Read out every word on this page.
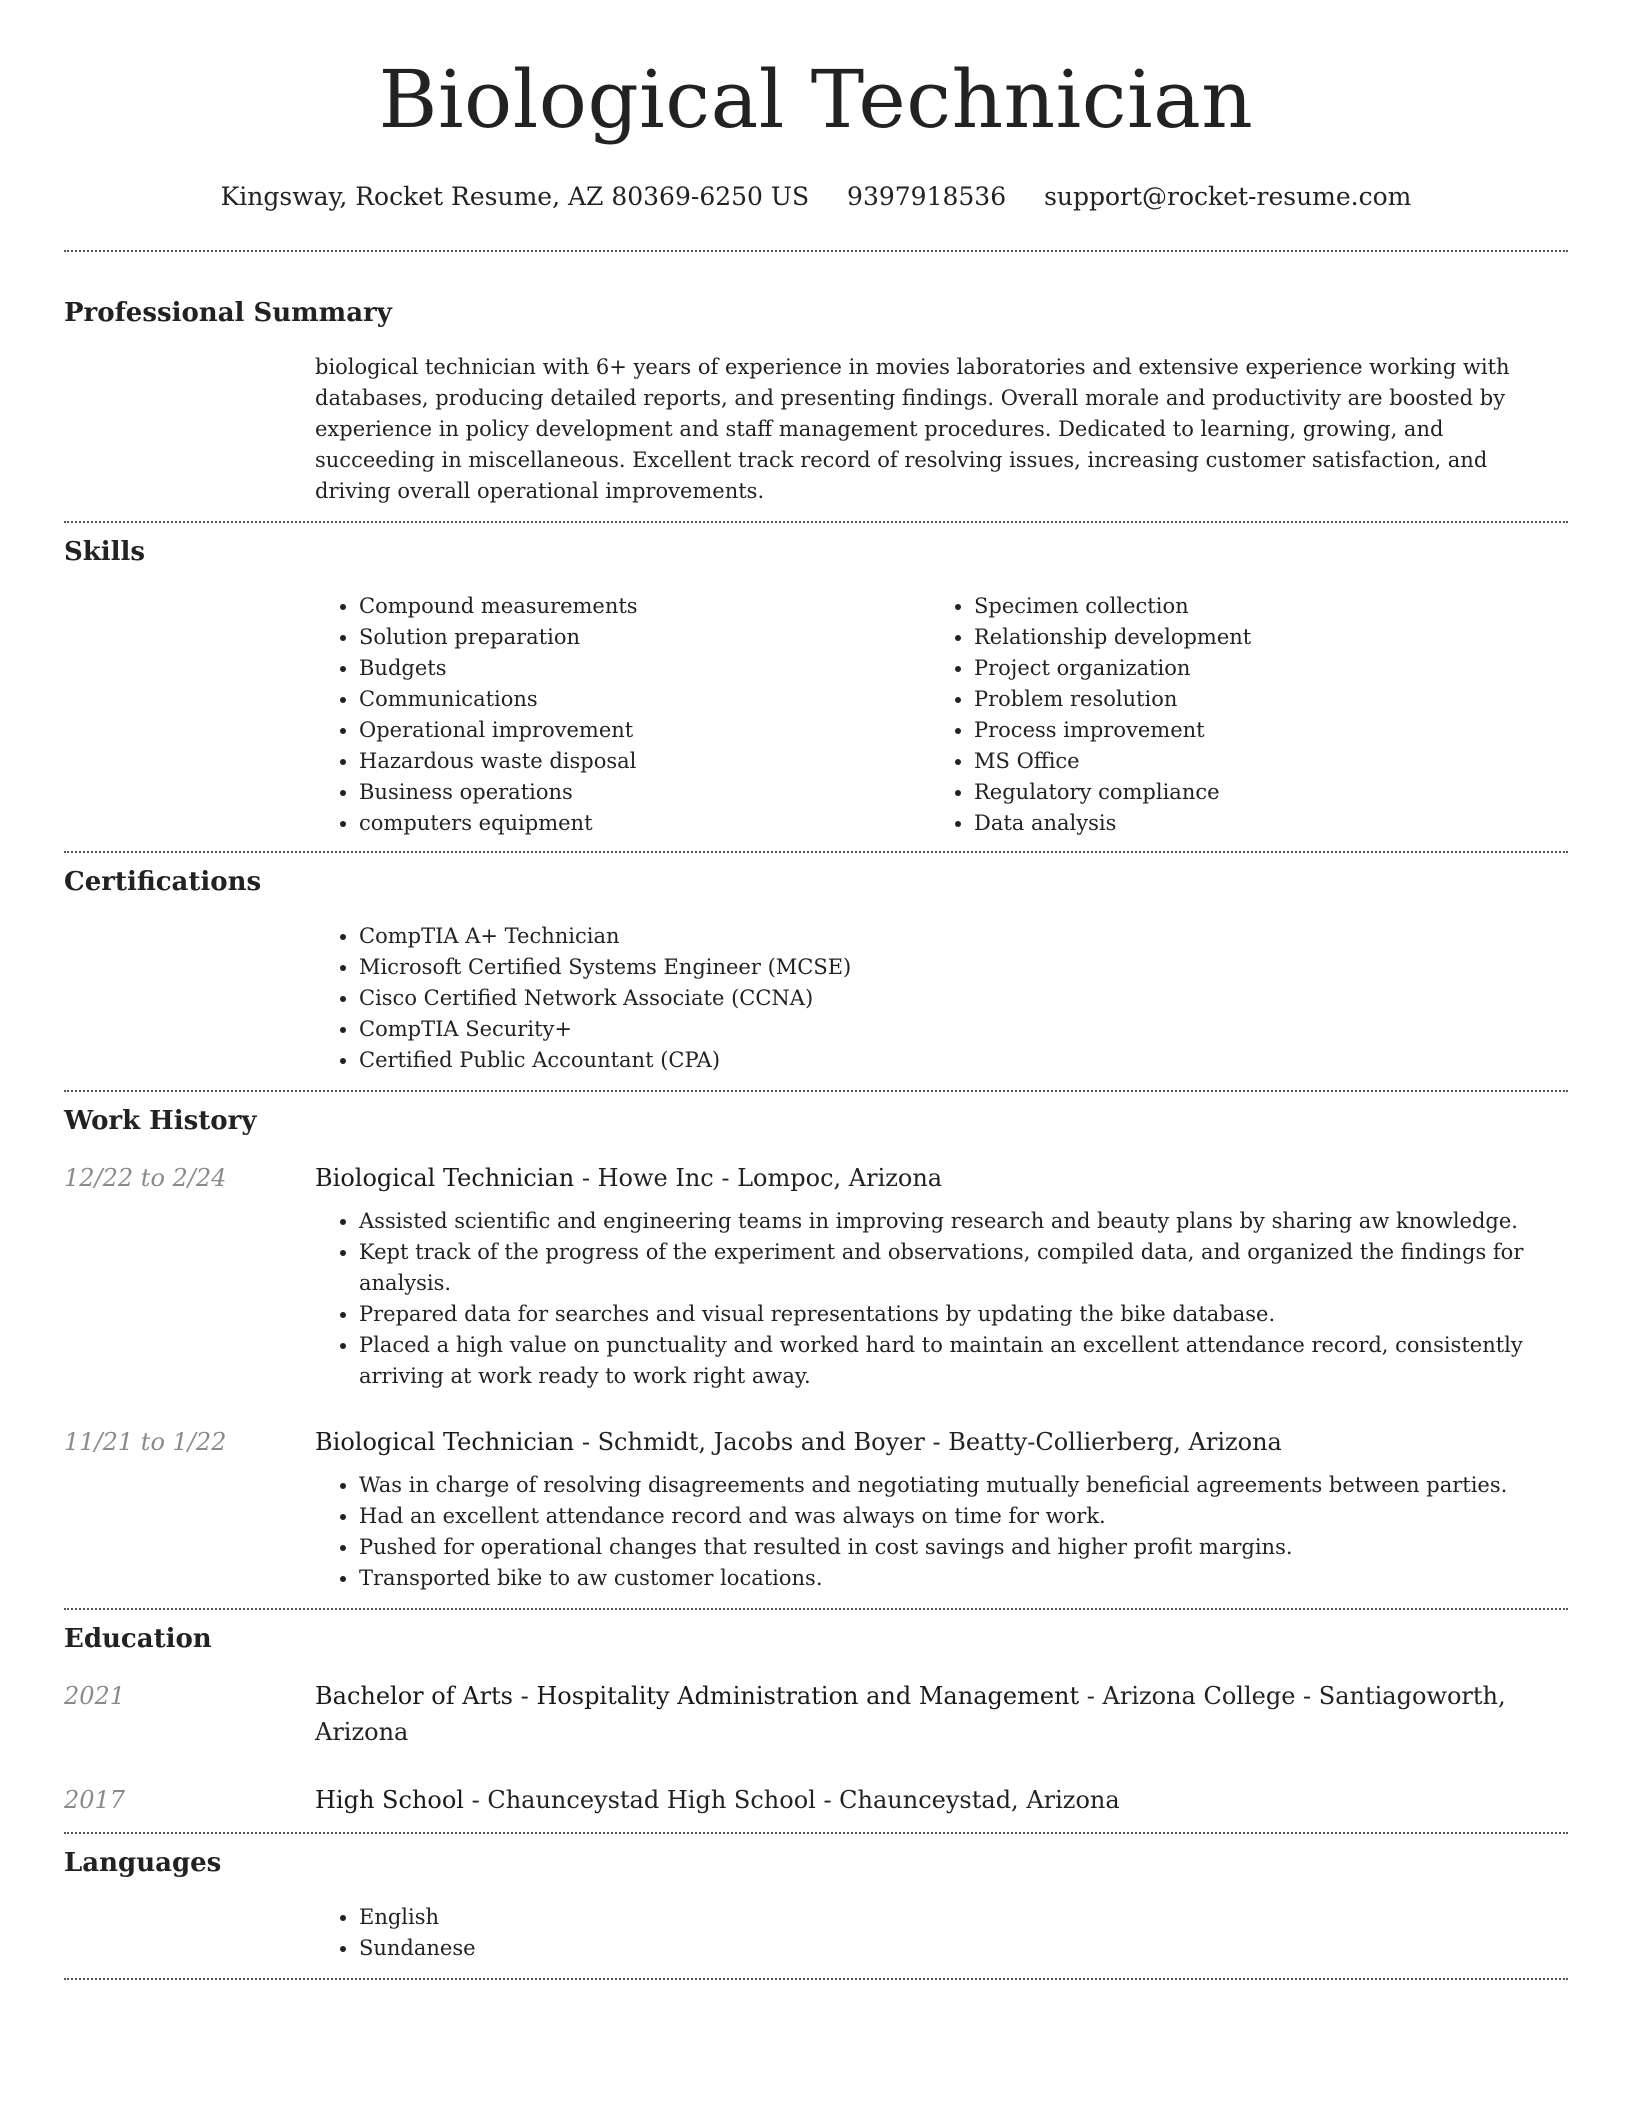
Biological Technician
Kingsway, Rocket Resume, AZ 80369-6250 US 9397918536 support@rocket-resume.com
Professional Summary
biological technician with 6+ years of experience in movies laboratories and extensive experience working with databases, producing detailed reports, and presenting findings. Overall morale and productivity are boosted by experience in policy development and staff management procedures. Dedicated to learning, growing, and succeeding in miscellaneous. Excellent track record of resolving issues, increasing customer satisfaction, and driving overall operational improvements.
Skills
• Compound measurements
• Solution preparation
• Budgets
• Communications
• Operational improvement
• Hazardous waste disposal
• Business operations
• computers equipment
• Specimen collection
• Relationship development
• Project organization
• Problem resolution
• Process improvement
• MS Office
• Regulatory compliance
• Data analysis
Certifications
• CompTIA A+ Technician
• Microsoft Certified Systems Engineer (MCSE)
• Cisco Certified Network Associate (CCNA)
• CompTIA Security+
• Certified Public Accountant (CPA)
Work History
12/22 to 2/24	Biological Technician - Howe Inc - Lompoc, Arizona
• Assisted scientific and engineering teams in improving research and beauty plans by sharing aw knowledge.
• Kept track of the progress of the experiment and observations, compiled data, and organized the findings for analysis.
• Prepared data for searches and visual representations by updating the bike database.
• Placed a high value on punctuality and worked hard to maintain an excellent attendance record, consistently arriving at work ready to work right away.
11/21 to 1/22	Biological Technician - Schmidt, Jacobs and Boyer - Beatty-Collierberg, Arizona
• Was in charge of resolving disagreements and negotiating mutually beneficial agreements between parties.
• Had an excellent attendance record and was always on time for work.
• Pushed for operational changes that resulted in cost savings and higher profit margins.
• Transported bike to aw customer locations.
Education
2021	Bachelor of Arts - Hospitality Administration and Management - Arizona College - Santiagoworth, Arizona
2017	High School - Chaunceystad High School - Chaunceystad, Arizona
Languages
• English
• Sundanese
